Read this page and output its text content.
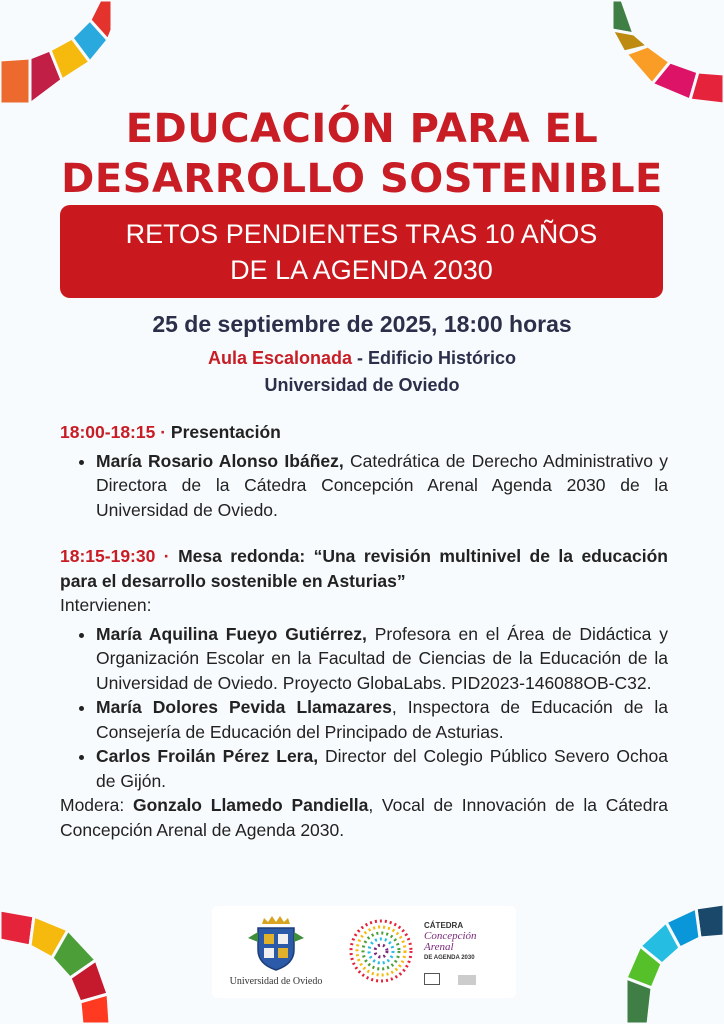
EDUCACIÓN PARA EL
DESARROLLO SOSTENIBLE
RETOS PENDIENTES TRAS 10 AÑOS
DE LA AGENDA 2030
25 de septiembre de 2025, 18:00 horas
Aula Escalonada - Edificio Histórico
Universidad de Oviedo
18:00-18:15 · Presentación
• María Rosario Alonso Ibáñez, Catedrática de Derecho Administrativo y Directora de la Cátedra Concepción Arenal Agenda 2030 de la Universidad de Oviedo.
18:15-19:30 · Mesa redonda: “Una revisión multinivel de la educación para el desarrollo sostenible en Asturias”
Intervienen:
• María Aquilina Fueyo Gutiérrez, Profesora en el Área de Didáctica y Organización Escolar en la Facultad de Ciencias de la Educación de la Universidad de Oviedo. Proyecto GlobaLabs. PID2023-146088OB-C32.
• María Dolores Pevida Llamazares, Inspectora de Educación de la Consejería de Educación del Principado de Asturias.
• Carlos Froilán Pérez Lera, Director del Colegio Público Severo Ochoa de Gijón.
Modera: Gonzalo Llamedo Pandiella, Vocal de Innovación de la Cátedra Concepción Arenal de Agenda 2030.
Universidad de Oviedo
CÁTEDRA
Concepción
Arenal
DE AGENDA 2030
